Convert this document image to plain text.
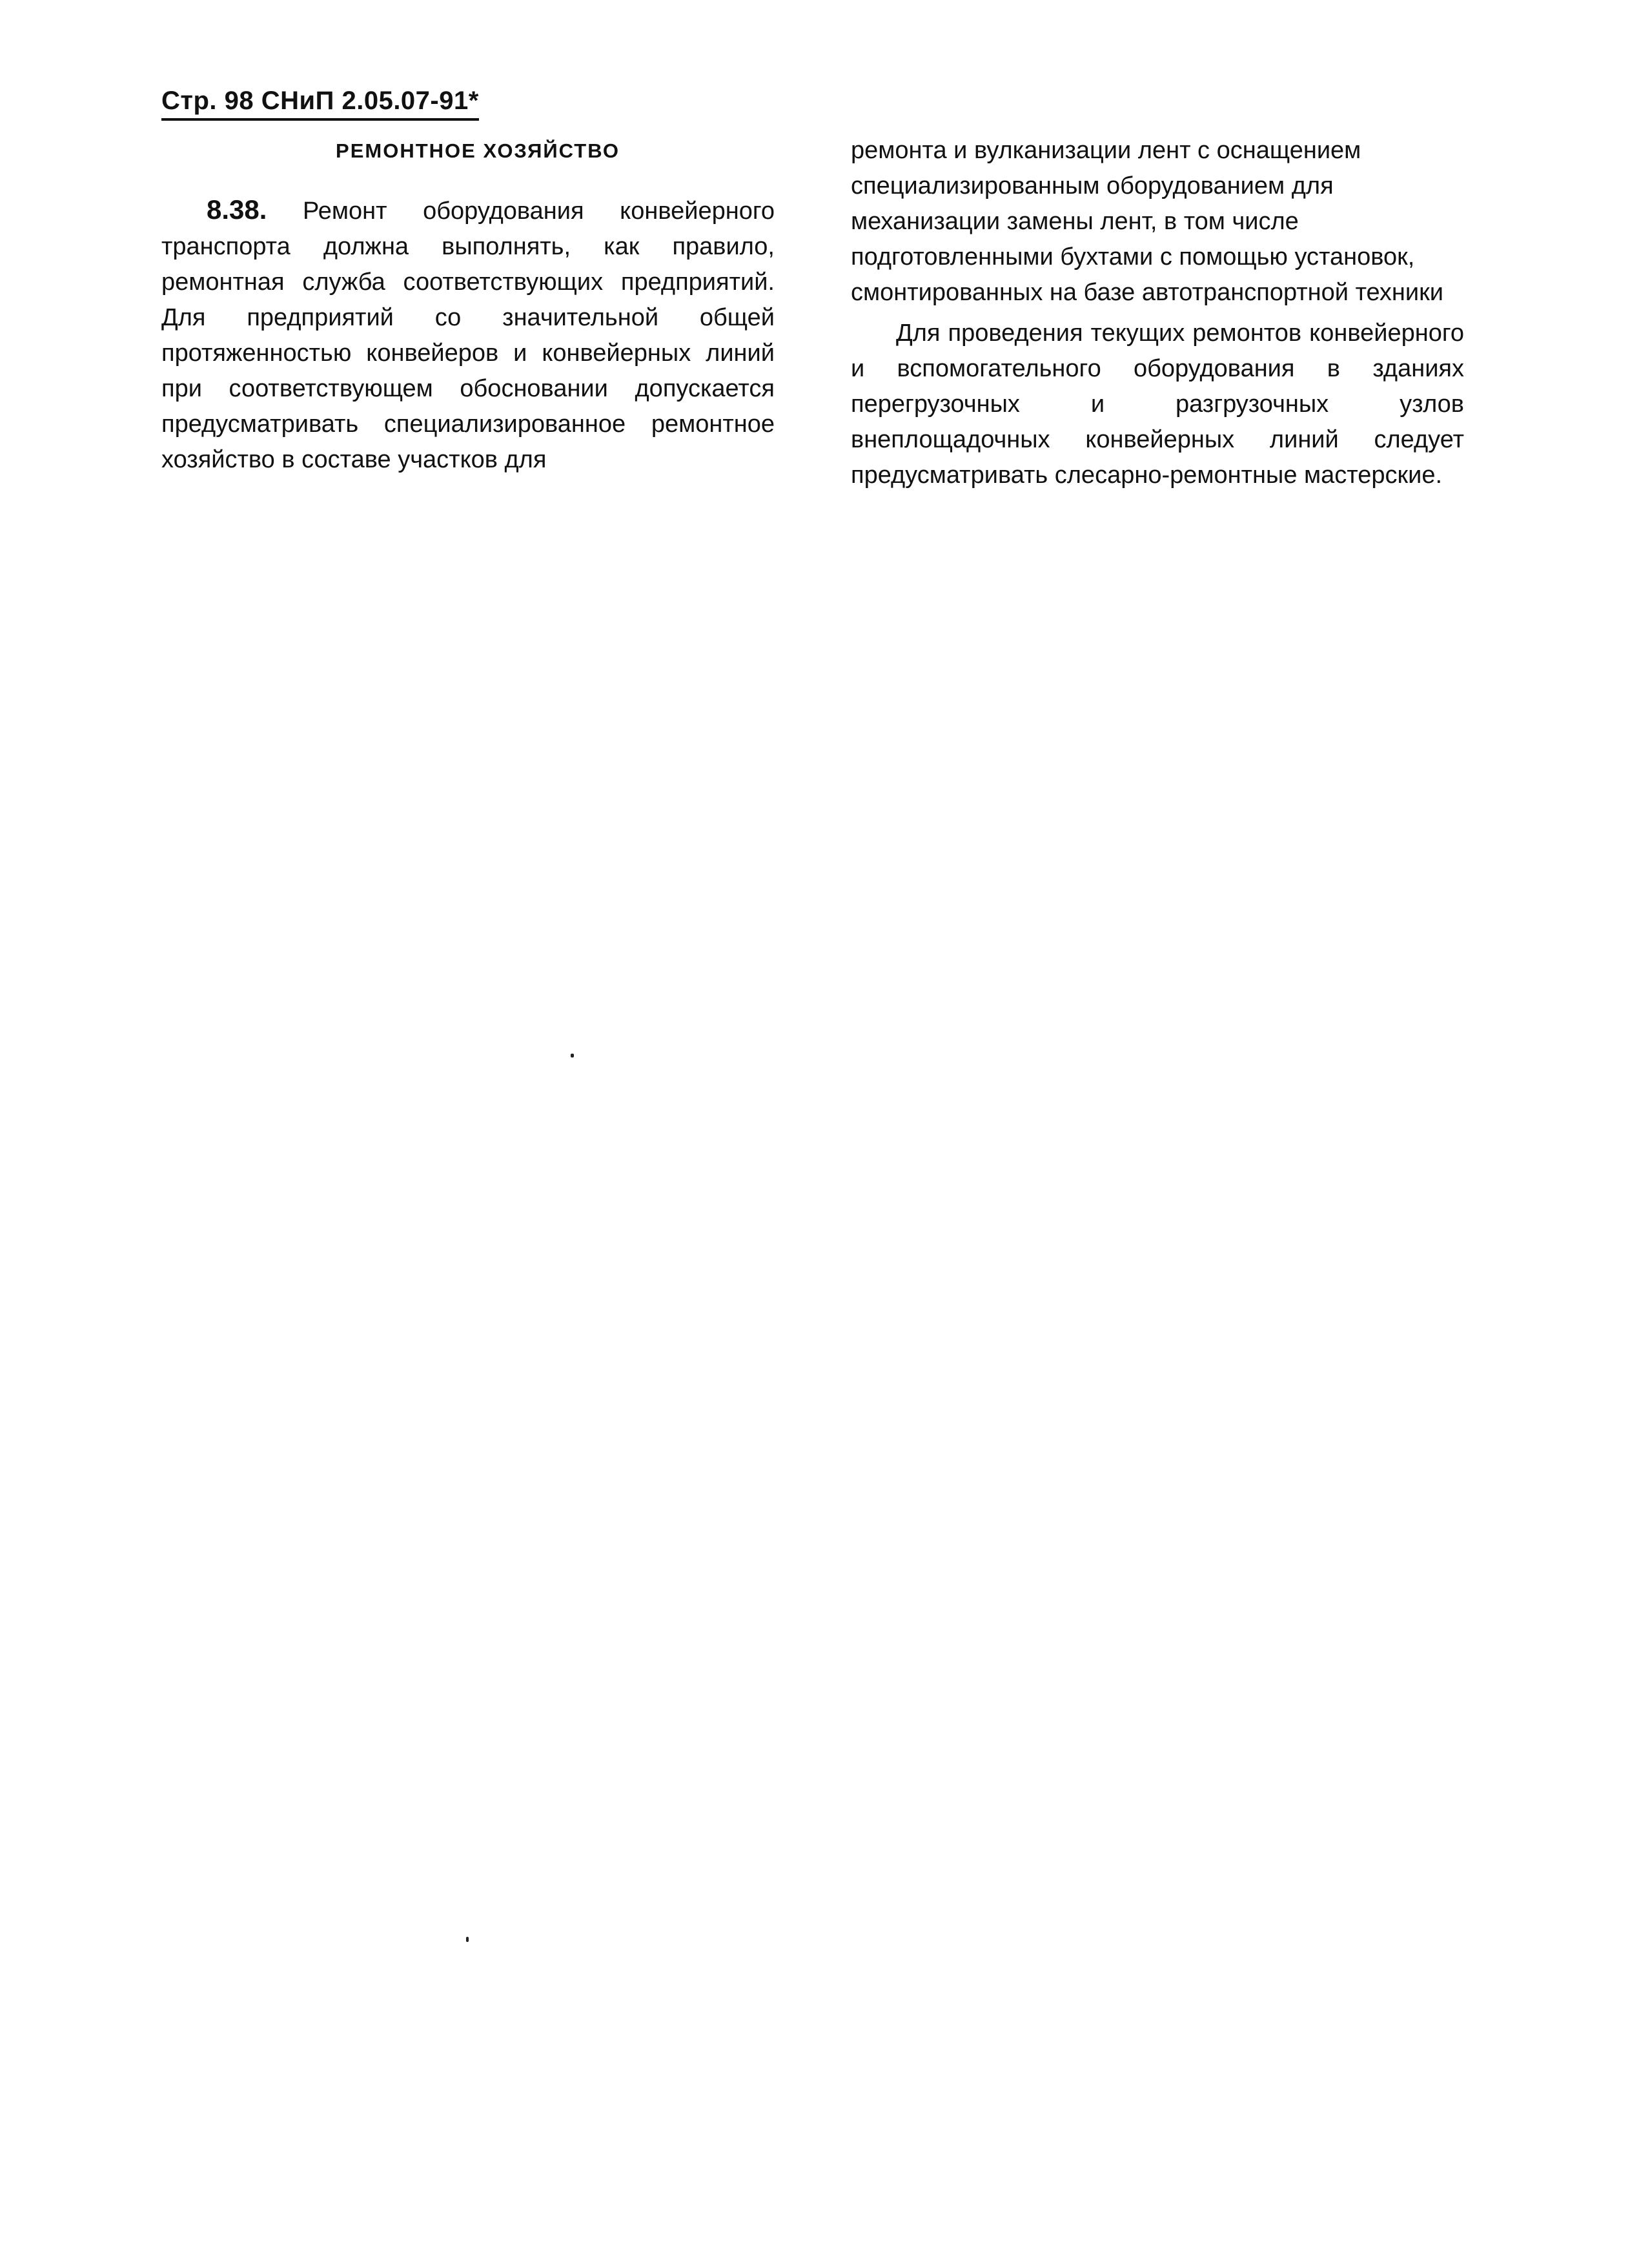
Стр. 98 СНиП 2.05.07-91*
РЕМОНТНОЕ ХОЗЯЙСТВО

8.38. Ремонт оборудования конвейерного транспорта должна выполнять, как правило, ремонтная служба соответствующих предприятий. Для предприятий со значительной общей протяженностью конвейеров и конвейерных линий при соответствующем обосновании допускается предусматривать специализированное ремонтное хозяйство в составе участков для

ремонта и вулканизации лент с оснащением специализированным оборудованием для механизации замены лент, в том числе подготовленными бухтами с помощью установок, смонтированных на базе автотранспортной техники

Для проведения текущих ремонтов конвейерного и вспомогательного оборудования в зданиях перегрузочных и разгрузочных узлов внеплощадочных конвейерных линий следует предусматривать слесарно-ремонтные мастерские.
